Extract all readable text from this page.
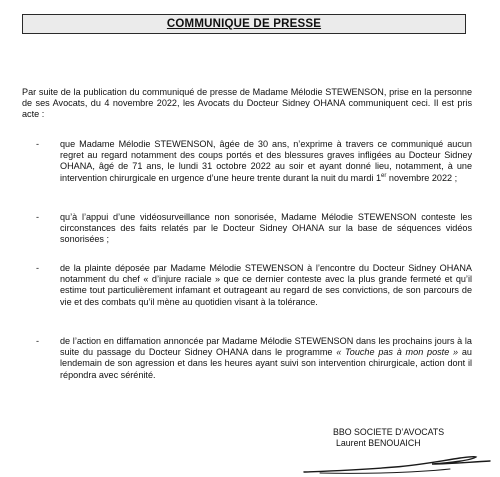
COMMUNIQUE DE PRESSE

Par suite de la publication du communiqué de presse de Madame Mélodie STEWENSON, prise en la personne de ses Avocats, du 4 novembre 2022, les Avocats du Docteur Sidney OHANA communiquent ceci. Il est pris acte :

- que Madame Mélodie STEWENSON, âgée de 30 ans, n’exprime à travers ce communiqué aucun regret au regard notamment des coups portés et des blessures graves infligées au Docteur Sidney OHANA, âgé de 71 ans, le lundi 31 octobre 2022 au soir et ayant donné lieu, notamment, à une intervention chirurgicale en urgence d’une heure trente durant la nuit du mardi 1er novembre 2022 ;

- qu’à l’appui d’une vidéosurveillance non sonorisée, Madame Mélodie STEWENSON conteste les circonstances des faits relatés par le Docteur Sidney OHANA sur la base de séquences vidéos sonorisées ;

- de la plainte déposée par Madame Mélodie STEWENSON à l’encontre du Docteur Sidney OHANA notamment du chef « d’injure raciale » que ce dernier conteste avec la plus grande fermeté et qu’il estime tout particulièrement infamant et outrageant au regard de ses convictions, de son parcours de vie et des combats qu’il mène au quotidien visant à la tolérance.

- de l’action en diffamation annoncée par Madame Mélodie STEWENSON dans les prochains jours à la suite du passage du Docteur Sidney OHANA dans le programme « Touche pas à mon poste » au lendemain de son agression et dans les heures ayant suivi son intervention chirurgicale, action dont il répondra avec sérénité.

BBO SOCIETE D’AVOCATS

Laurent BENOUAICH
